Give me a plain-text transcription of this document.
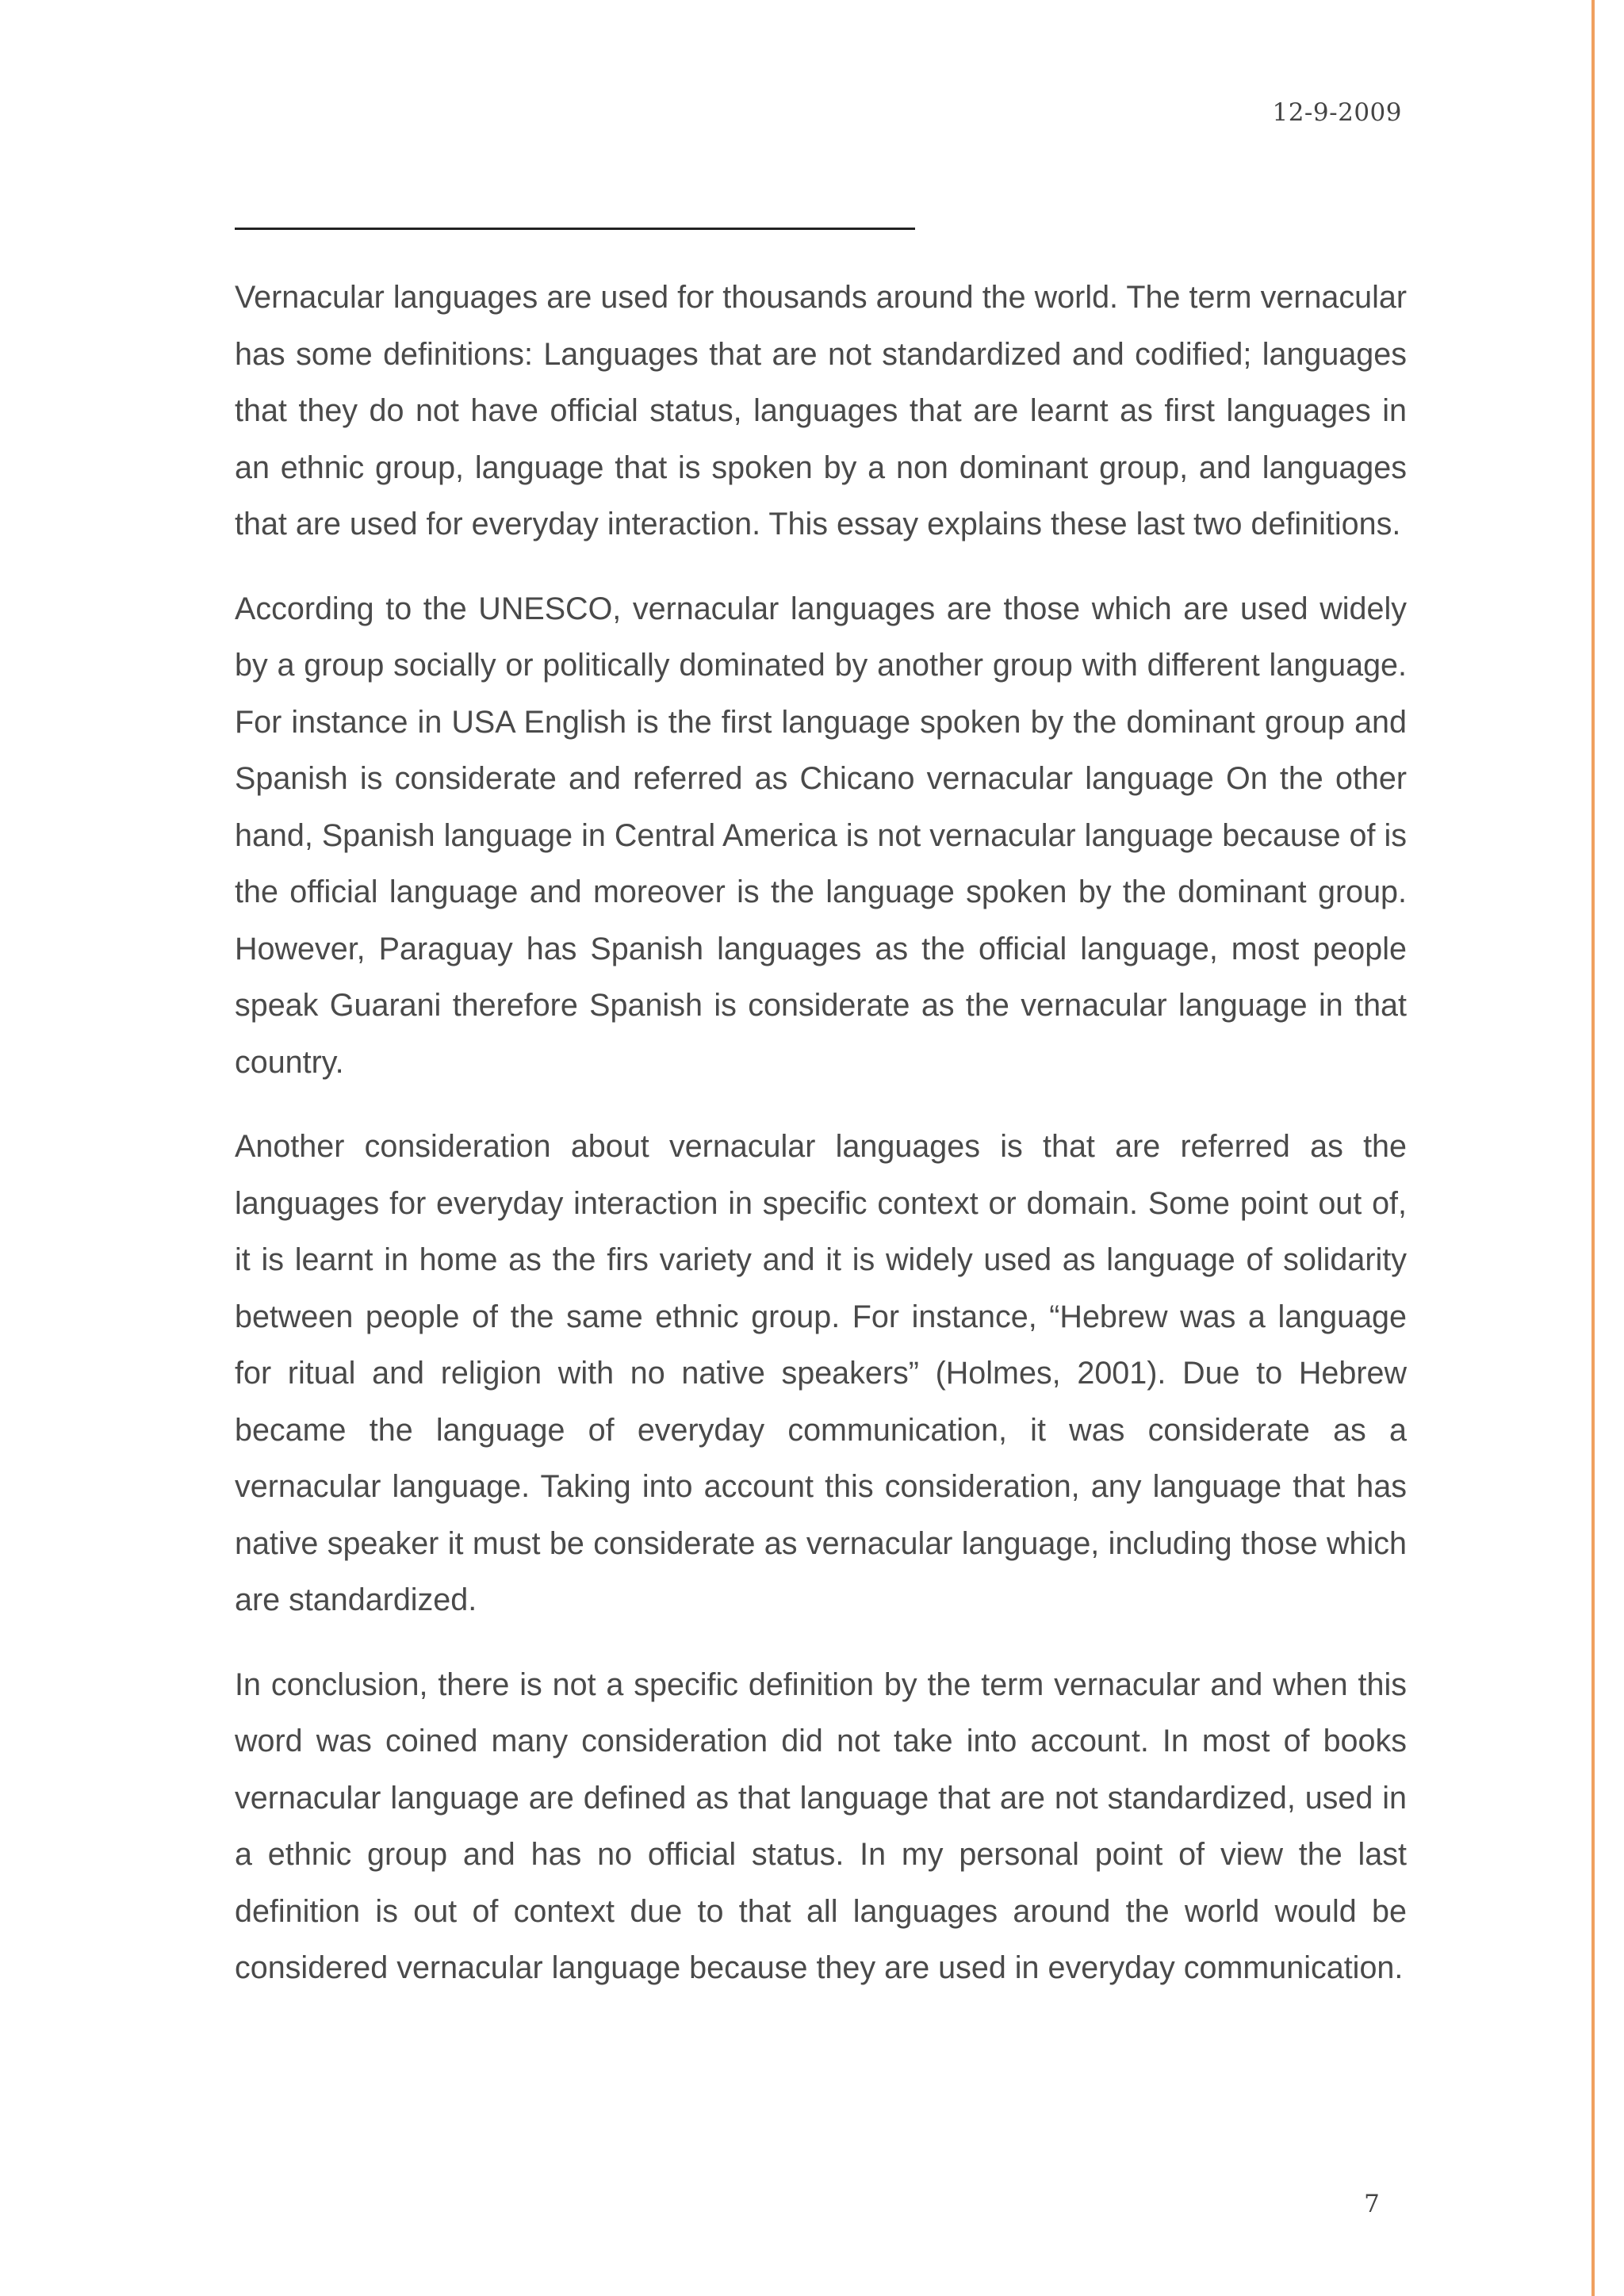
12-9-2009

Vernacular languages are used for thousands around the world. The term vernacular has some definitions: Languages that are not standardized and codified; languages that they do not have official status, languages that are learnt as first languages in an ethnic group, language that is spoken by a non dominant group, and languages that are used for everyday interaction. This essay explains these last two definitions.

According to the UNESCO, vernacular languages are those which are used widely by a group socially or politically dominated by another group with different language. For instance in USA English is the first language spoken by the dominant group and Spanish is considerate and referred as Chicano vernacular language On the other hand, Spanish language in Central America is not vernacular language because of is the official language and moreover is the language spoken by the dominant group. However, Paraguay has Spanish languages as the official language, most people speak Guarani therefore Spanish is considerate as the vernacular language in that country.

Another consideration about vernacular languages is that are referred as the languages for everyday interaction in specific context or domain. Some point out of, it is learnt in home as the firs variety and it is widely used as language of solidarity between people of the same ethnic group. For instance, “Hebrew was a language for ritual and religion with no native speakers” (Holmes, 2001). Due to Hebrew became the language of everyday communication, it was considerate as a vernacular language. Taking into account this consideration, any language that has native speaker it must be considerate as vernacular language, including those which are standardized.

In conclusion, there is not a specific definition by the term vernacular and when this word was coined many consideration did not take into account. In most of books vernacular language are defined as that language that are not standardized, used in a ethnic group and has no official status. In my personal point of view the last definition is out of context due to that all languages around the world would be considered vernacular language because they are used in everyday communication.

7
